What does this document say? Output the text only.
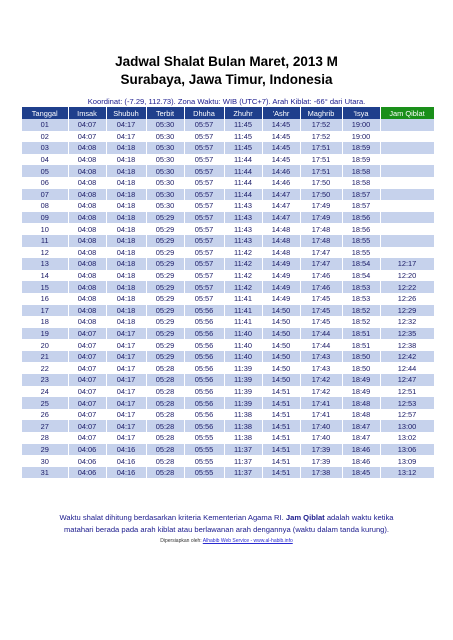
Jadwal Shalat Bulan Maret, 2013 M
Surabaya, Jawa Timur, Indonesia
Koordinat: (-7.29, 112.73). Zona Waktu: WIB (UTC+7). Arah Kiblat: -66° dari Utara.
Tanggal	Imsak	Shubuh	Terbit	Dhuha	Zhuhr	'Ashr	Maghrib	'Isya	Jam Qiblat
01	04:07	04:17	05:30	05:57	11:45	14:45	17:52	19:00	
02	04:07	04:17	05:30	05:57	11:45	14:45	17:52	19:00	
03	04:08	04:18	05:30	05:57	11:45	14:45	17:51	18:59	
04	04:08	04:18	05:30	05:57	11:44	14:45	17:51	18:59	
05	04:08	04:18	05:30	05:57	11:44	14:46	17:51	18:58	
06	04:08	04:18	05:30	05:57	11:44	14:46	17:50	18:58	
07	04:08	04:18	05:30	05:57	11:44	14:47	17:50	18:57	
08	04:08	04:18	05:30	05:57	11:43	14:47	17:49	18:57	
09	04:08	04:18	05:29	05:57	11:43	14:47	17:49	18:56	
10	04:08	04:18	05:29	05:57	11:43	14:48	17:48	18:56	
11	04:08	04:18	05:29	05:57	11:43	14:48	17:48	18:55	
12	04:08	04:18	05:29	05:57	11:42	14:48	17:47	18:55	
13	04:08	04:18	05:29	05:57	11:42	14:49	17:47	18:54	12:17
14	04:08	04:18	05:29	05:57	11:42	14:49	17:46	18:54	12:20
15	04:08	04:18	05:29	05:57	11:42	14:49	17:46	18:53	12:22
16	04:08	04:18	05:29	05:57	11:41	14:49	17:45	18:53	12:26
17	04:08	04:18	05:29	05:56	11:41	14:50	17:45	18:52	12:29
18	04:08	04:18	05:29	05:56	11:41	14:50	17:45	18:52	12:32
19	04:07	04:17	05:29	05:56	11:40	14:50	17:44	18:51	12:35
20	04:07	04:17	05:29	05:56	11:40	14:50	17:44	18:51	12:38
21	04:07	04:17	05:29	05:56	11:40	14:50	17:43	18:50	12:42
22	04:07	04:17	05:28	05:56	11:39	14:50	17:43	18:50	12:44
23	04:07	04:17	05:28	05:56	11:39	14:50	17:42	18:49	12:47
24	04:07	04:17	05:28	05:56	11:39	14:51	17:42	18:49	12:51
25	04:07	04:17	05:28	05:56	11:39	14:51	17:41	18:48	12:53
26	04:07	04:17	05:28	05:56	11:38	14:51	17:41	18:48	12:57
27	04:07	04:17	05:28	05:56	11:38	14:51	17:40	18:47	13:00
28	04:07	04:17	05:28	05:55	11:38	14:51	17:40	18:47	13:02
29	04:06	04:16	05:28	05:55	11:37	14:51	17:39	18:46	13:06
30	04:06	04:16	05:28	05:55	11:37	14:51	17:39	18:46	13:09
31	04:06	04:16	05:28	05:55	11:37	14:51	17:38	18:45	13:12
Waktu shalat dihitung berdasarkan kriteria Kementerian Agama RI. Jam Qiblat adalah waktu ketika
matahari berada pada arah kiblat atau berlawanan arah dengannya (waktu dalam tanda kurung).
Dipersiapkan oleh: Alhabib Web Service - www.al-habib.info
